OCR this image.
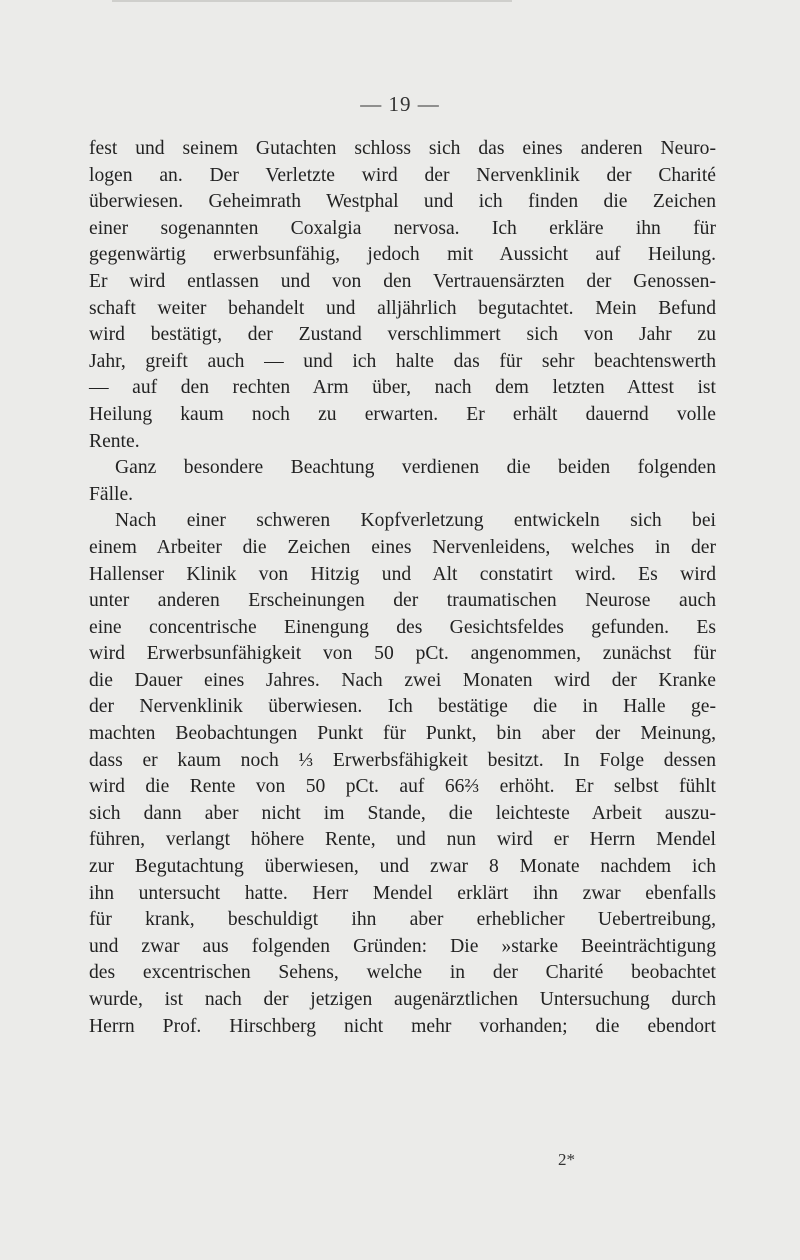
— 19 —
fest und seinem Gutachten schloss sich das eines anderen Neuro-
logen an. Der Verletzte wird der Nervenklinik der Charité
überwiesen. Geheimrath Westphal und ich finden die Zeichen
einer sogenannten Coxalgia nervosa. Ich erkläre ihn für
gegenwärtig erwerbsunfähig, jedoch mit Aussicht auf Heilung.
Er wird entlassen und von den Vertrauensärzten der Genossen-
schaft weiter behandelt und alljährlich begutachtet. Mein Befund
wird bestätigt, der Zustand verschlimmert sich von Jahr zu
Jahr, greift auch — und ich halte das für sehr beachtenswerth
— auf den rechten Arm über, nach dem letzten Attest ist
Heilung kaum noch zu erwarten. Er erhält dauernd volle
Rente.
Ganz besondere Beachtung verdienen die beiden folgenden
Fälle.
Nach einer schweren Kopfverletzung entwickeln sich bei
einem Arbeiter die Zeichen eines Nervenleidens, welches in der
Hallenser Klinik von Hitzig und Alt constatirt wird. Es wird
unter anderen Erscheinungen der traumatischen Neurose auch
eine concentrische Einengung des Gesichtsfeldes gefunden. Es
wird Erwerbsunfähigkeit von 50 pCt. angenommen, zunächst für
die Dauer eines Jahres. Nach zwei Monaten wird der Kranke
der Nervenklinik überwiesen. Ich bestätige die in Halle ge-
machten Beobachtungen Punkt für Punkt, bin aber der Meinung,
dass er kaum noch ⅓ Erwerbsfähigkeit besitzt. In Folge dessen
wird die Rente von 50 pCt. auf 66⅔ erhöht. Er selbst fühlt
sich dann aber nicht im Stande, die leichteste Arbeit auszu-
führen, verlangt höhere Rente, und nun wird er Herrn Mendel
zur Begutachtung überwiesen, und zwar 8 Monate nachdem ich
ihn untersucht hatte. Herr Mendel erklärt ihn zwar ebenfalls
für krank, beschuldigt ihn aber erheblicher Uebertreibung,
und zwar aus folgenden Gründen: Die »starke Beeinträchtigung
des excentrischen Sehens, welche in der Charité beobachtet
wurde, ist nach der jetzigen augenärztlichen Untersuchung durch
Herrn Prof. Hirschberg nicht mehr vorhanden; die ebendort
2*
